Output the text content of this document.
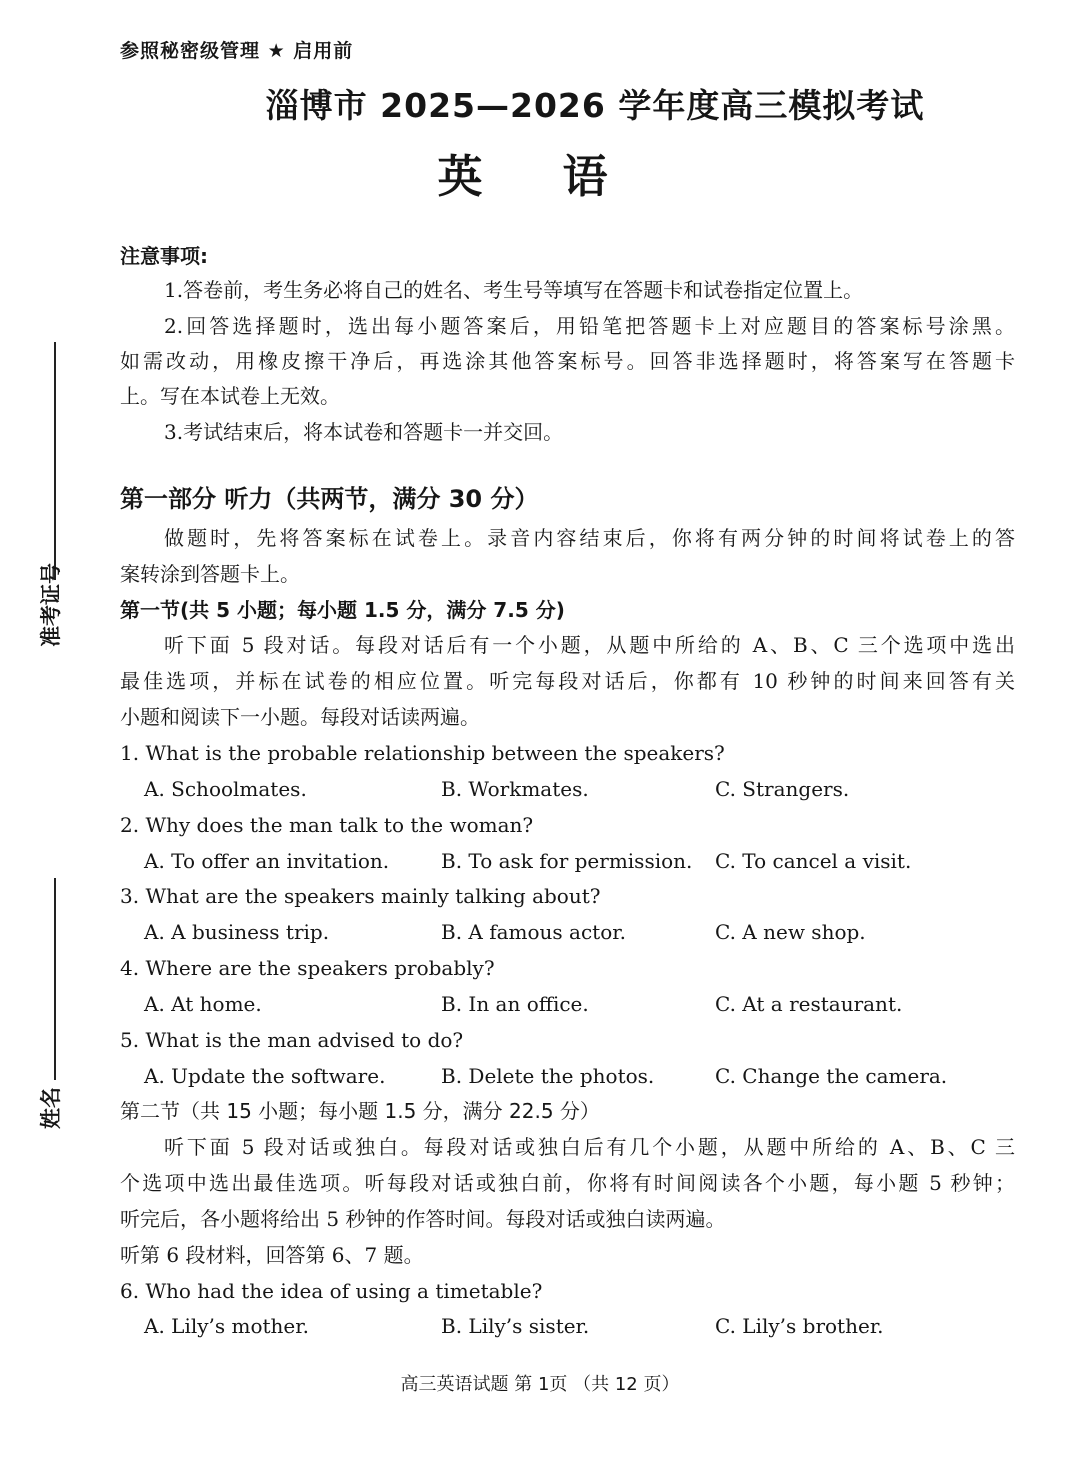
参照秘密级管理 ★ 启用前
淄博市 2025—2026 学年度高三模拟考试
英语
准考证号
姓名
注意事项:
1.答卷前，考生务必将自己的姓名、考生号等填写在答题卡和试卷指定位置上。
2.回答选择题时，选出每小题答案后，用铅笔把答题卡上对应题目的答案标号涂黑。
如需改动，用橡皮擦干净后，再选涂其他答案标号。回答非选择题时，将答案写在答题卡
上。写在本试卷上无效。
3.考试结束后，将本试卷和答题卡一并交回。
第一部分 听力（共两节，满分 30 分）
做题时，先将答案标在试卷上。录音内容结束后，你将有两分钟的时间将试卷上的答
案转涂到答题卡上。
第一节(共 5 小题；每小题 1.5 分，满分 7.5 分)
听下面 5 段对话。每段对话后有一个小题，从题中所给的 A、B、C 三个选项中选出
最佳选项，并标在试卷的相应位置。听完每段对话后，你都有 10 秒钟的时间来回答有关
小题和阅读下一小题。每段对话读两遍。
1. What is the probable relationship between the speakers?
A. Schoolmates.	B. Workmates.	C. Strangers.
2. Why does the man talk to the woman?
A. To offer an invitation.	B. To ask for permission. C. To cancel a visit.
3. What are the speakers mainly talking about?
A. A business trip.	B. A famous actor.	C. A new shop.
4. Where are the speakers probably?
A. At home.	B. In an office.	C. At a restaurant.
5. What is the man advised to do?
A. Update the software.	B. Delete the photos.	C. Change the camera.
第二节（共 15 小题；每小题 1.5 分，满分 22.5 分）
听下面 5 段对话或独白。每段对话或独白后有几个小题，从题中所给的 A、B、C 三
个选项中选出最佳选项。听每段对话或独白前，你将有时间阅读各个小题，每小题 5 秒钟；
听完后，各小题将给出 5 秒钟的作答时间。每段对话或独白读两遍。
听第 6 段材料，回答第 6、7 题。
6. Who had the idea of using a timetable?
A. Lily’s mother.	B. Lily’s sister.	C. Lily’s brother.
高三英语试题 第 1页 （共 12 页）
